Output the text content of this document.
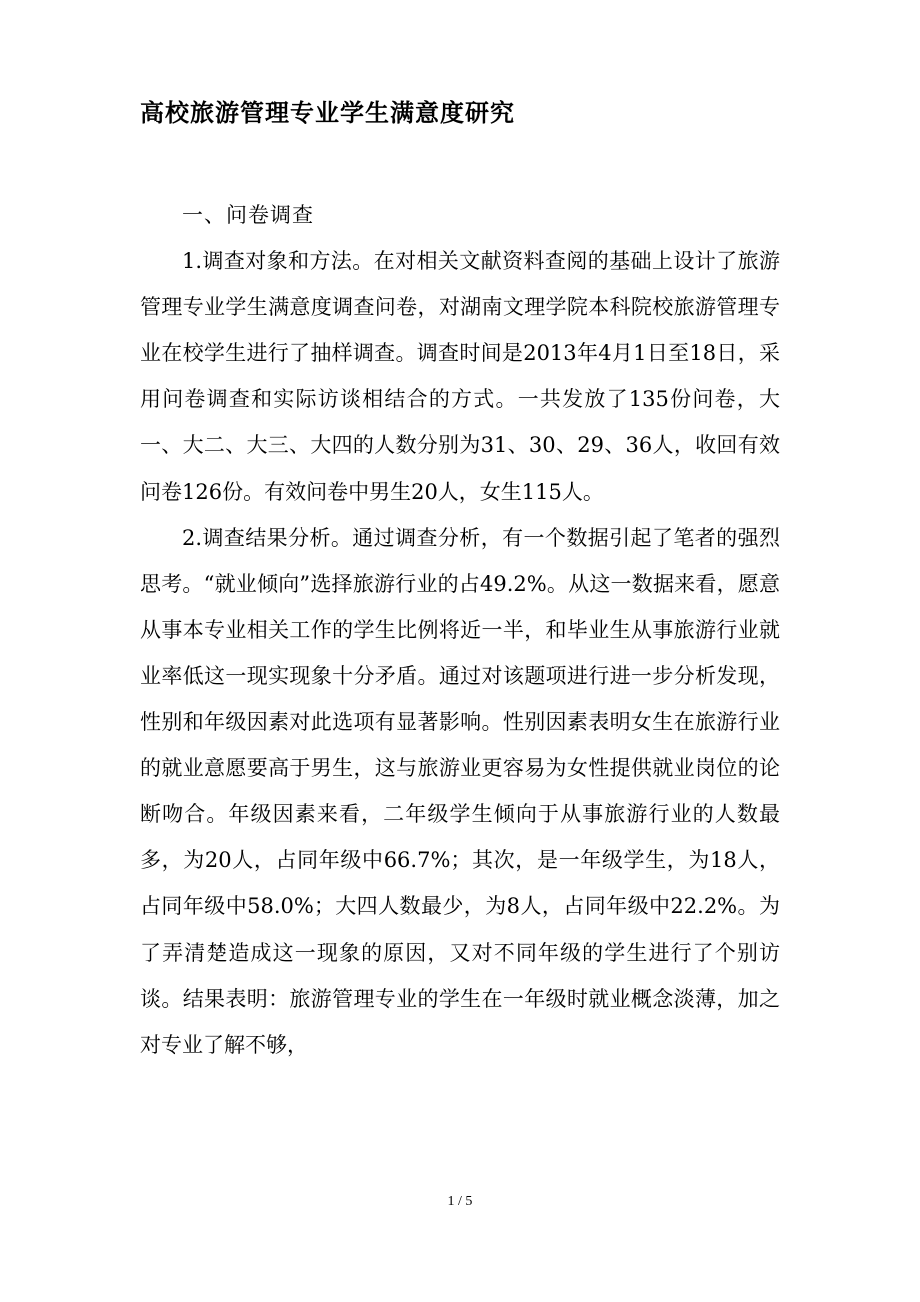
高校旅游管理专业学生满意度研究

一、问卷调查

1.调查对象和方法。在对相关文献资料查阅的基础上设计了旅游管理专业学生满意度调查问卷，对湖南文理学院本科院校旅游管理专业在校学生进行了抽样调查。调查时间是2013年4月1日至18日，采用问卷调查和实际访谈相结合的方式。一共发放了135份问卷，大一、大二、大三、大四的人数分别为31、30、29、36人，收回有效问卷126份。有效问卷中男生20人，女生115人。

2.调查结果分析。通过调查分析，有一个数据引起了笔者的强烈思考。“就业倾向”选择旅游行业的占49.2%。从这一数据来看，愿意从事本专业相关工作的学生比例将近一半，和毕业生从事旅游行业就业率低这一现实现象十分矛盾。通过对该题项进行进一步分析发现，性别和年级因素对此选项有显著影响。性别因素表明女生在旅游行业的就业意愿要高于男生，这与旅游业更容易为女性提供就业岗位的论断吻合。年级因素来看，二年级学生倾向于从事旅游行业的人数最多，为20人，占同年级中66.7%；其次，是一年级学生，为18人，占同年级中58.0%；大四人数最少，为8人，占同年级中22.2%。为了弄清楚造成这一现象的原因，又对不同年级的学生进行了个别访谈。结果表明：旅游管理专业的学生在一年级时就业概念淡薄，加之对专业了解不够，

1 / 5
